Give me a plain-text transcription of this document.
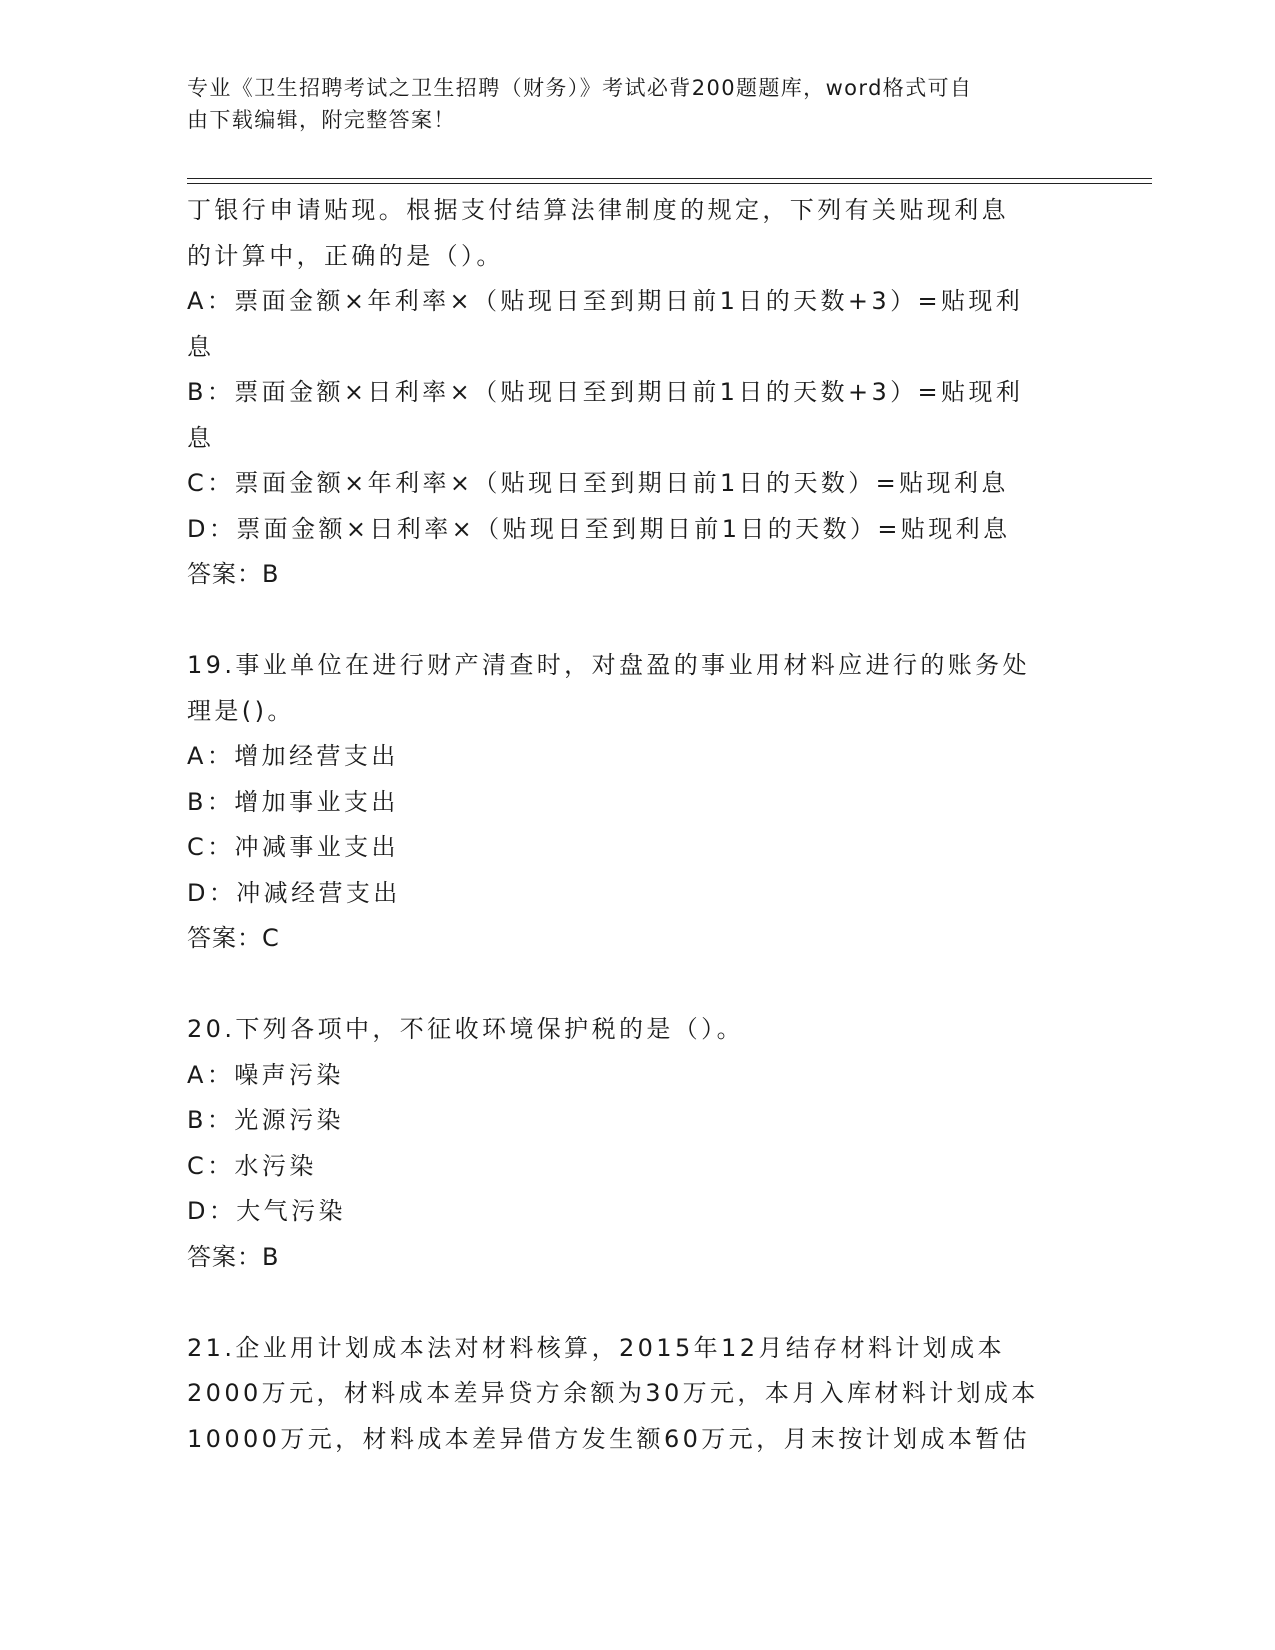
专业《卫生招聘考试之卫生招聘（财务）》考试必背200题题库，word格式可自
由下载编辑，附完整答案！
丁银行申请贴现。根据支付结算法律制度的规定，下列有关贴现利息
的计算中，正确的是（）。
A：票面金额×年利率×（贴现日至到期日前1日的天数+3）=贴现利
息
B：票面金额×日利率×（贴现日至到期日前1日的天数+3）=贴现利
息
C：票面金额×年利率×（贴现日至到期日前1日的天数）=贴现利息
D：票面金额×日利率×（贴现日至到期日前1日的天数）=贴现利息
答案：B
19.事业单位在进行财产清查时，对盘盈的事业用材料应进行的账务处
理是()。
A：增加经营支出
B：增加事业支出
C：冲减事业支出
D：冲减经营支出
答案：C
20.下列各项中，不征收环境保护税的是（）。
A：噪声污染
B：光源污染
C：水污染
D：大气污染
答案：B
21.企业用计划成本法对材料核算，2015年12月结存材料计划成本
2000万元，材料成本差异贷方余额为30万元，本月入库材料计划成本
10000万元，材料成本差异借方发生额60万元，月末按计划成本暂估
